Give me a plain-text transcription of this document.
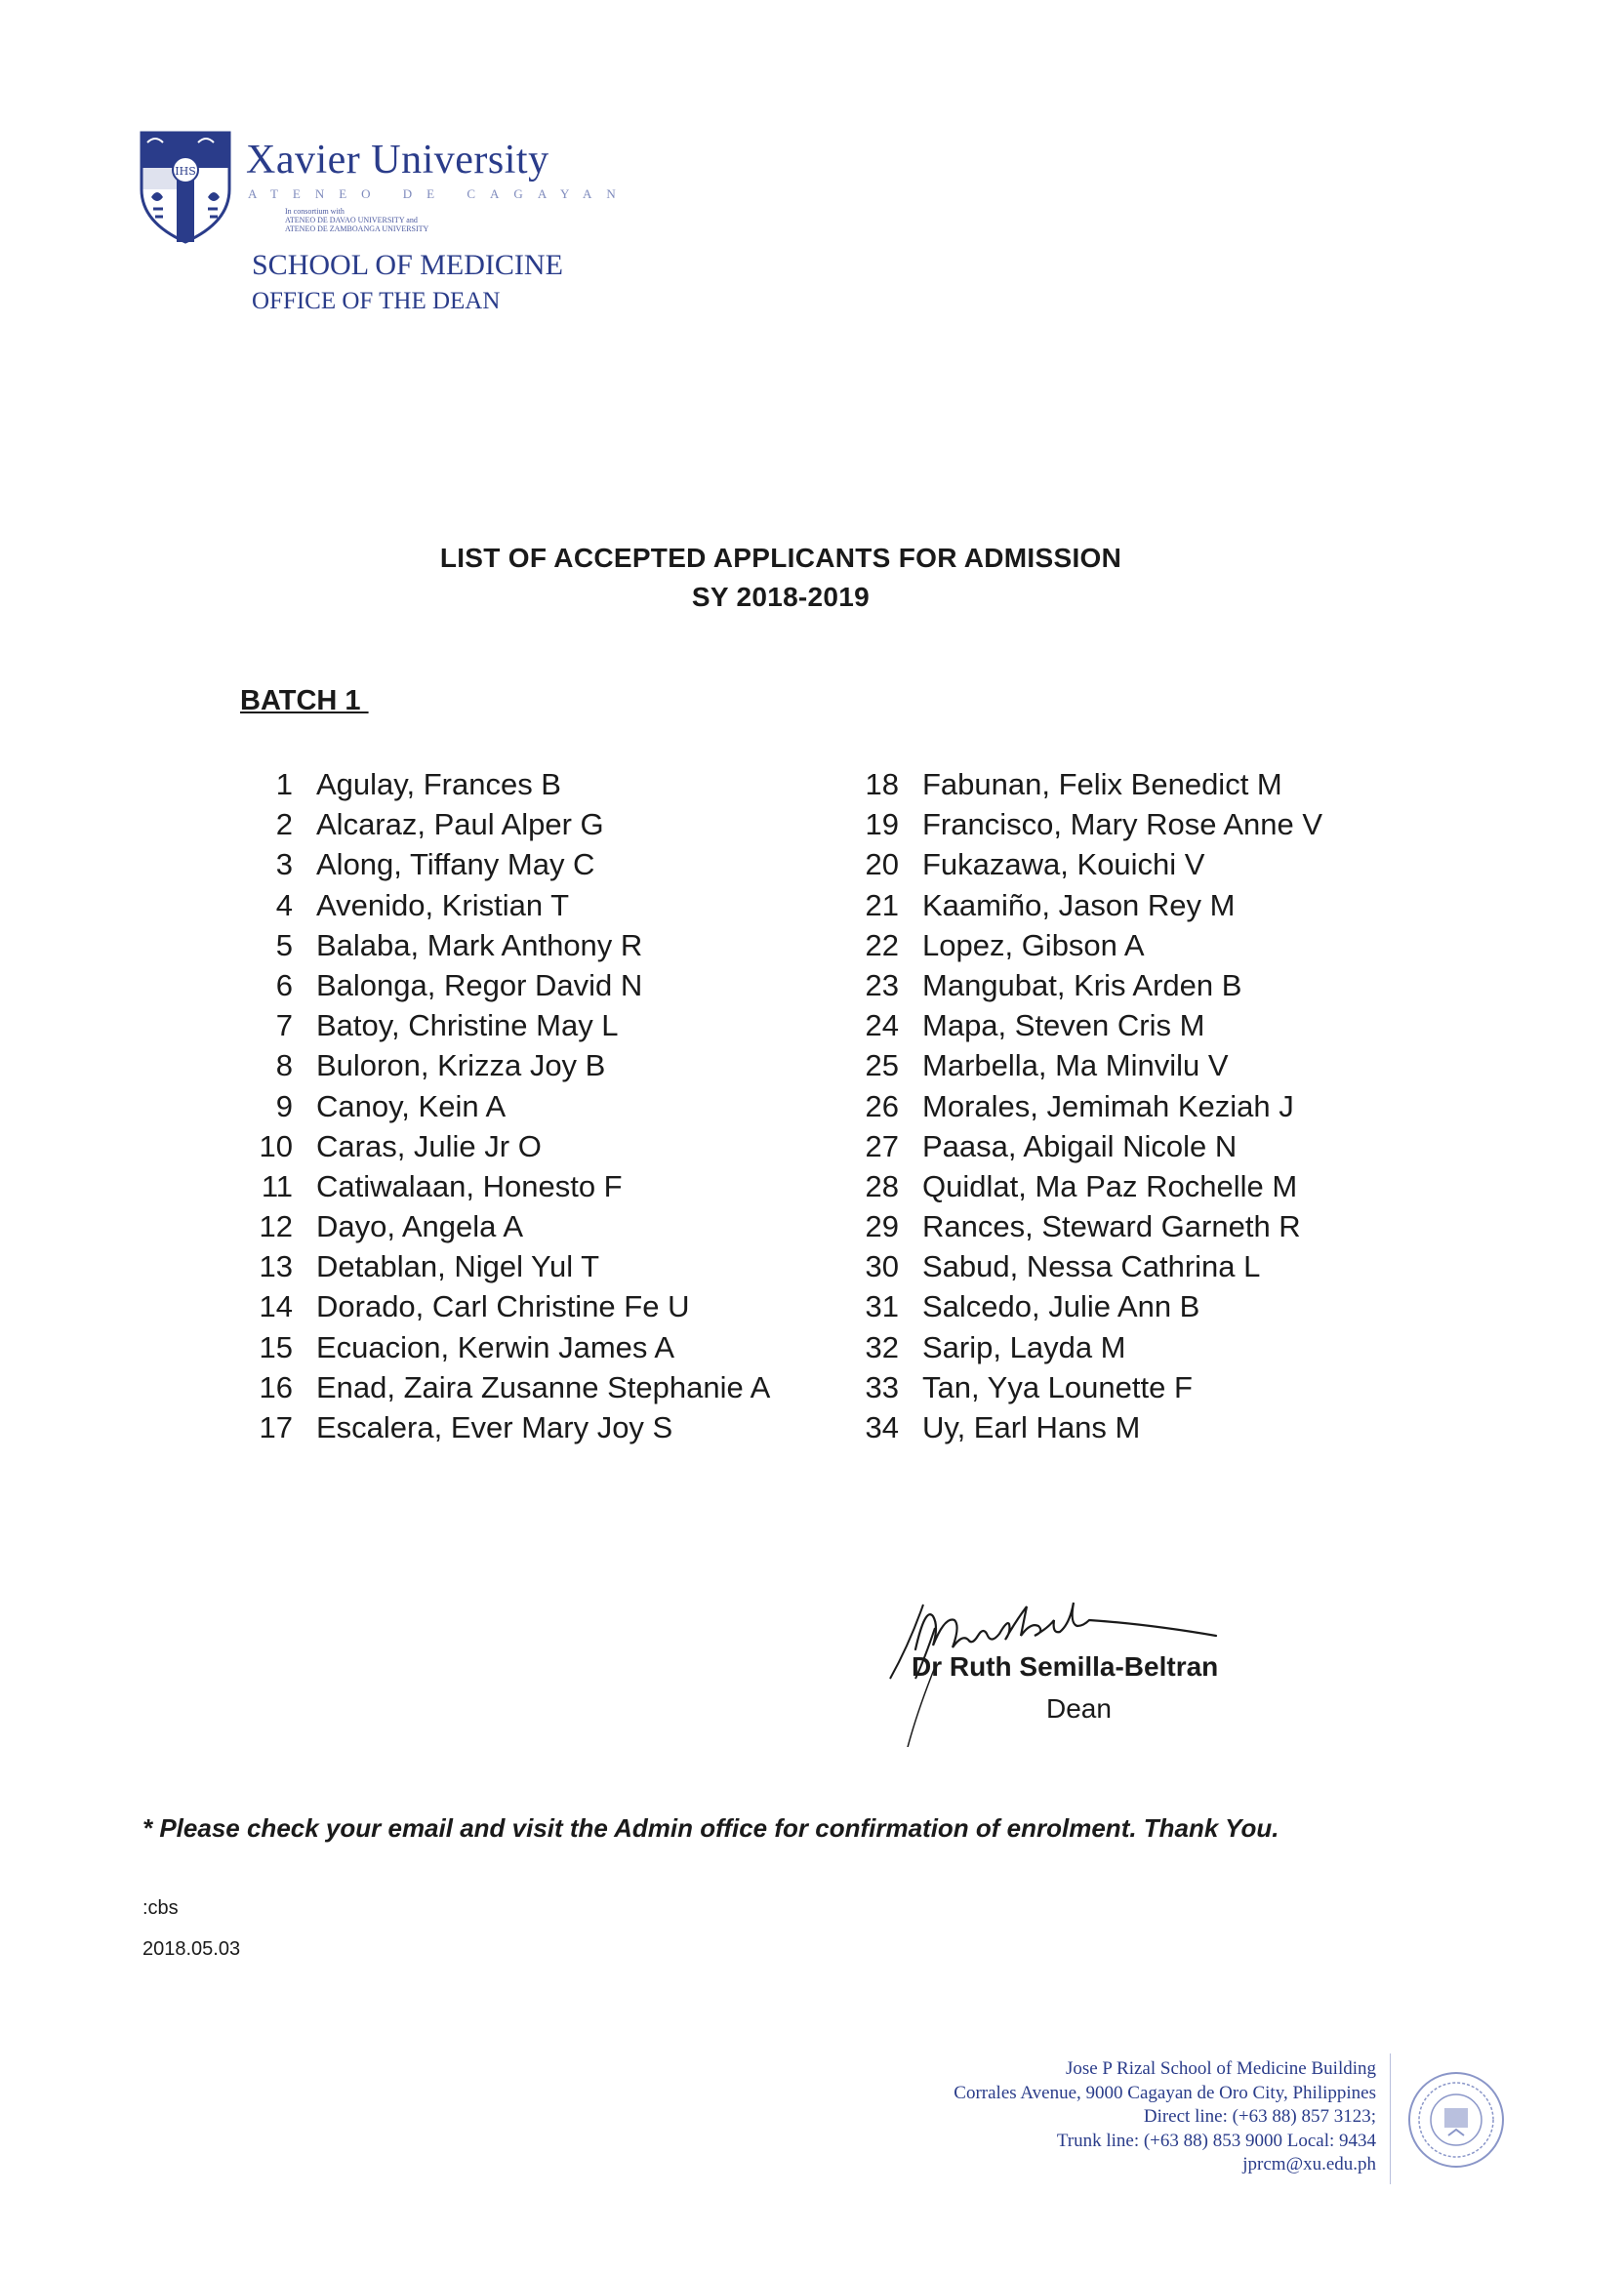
IHS Xavier University
ATENEO DE CAGAYAN
In consortium with
ATENEO DE DAVAO UNIVERSITY and
ATENEO DE ZAMBOANGA UNIVERSITY
SCHOOL OF MEDICINE
OFFICE OF THE DEAN
LIST OF ACCEPTED APPLICANTS FOR ADMISSION
SY 2018-2019
BATCH 1
1 Agulay, Frances B
2 Alcaraz, Paul Alper G
3 Along, Tiffany May C
4 Avenido, Kristian T
5 Balaba, Mark Anthony R
6 Balonga, Regor David N
7 Batoy, Christine May L
8 Buloron, Krizza Joy B
9 Canoy, Kein A
10 Caras, Julie Jr O
11 Catiwalaan, Honesto F
12 Dayo, Angela A
13 Detablan, Nigel Yul T
14 Dorado, Carl Christine Fe U
15 Ecuacion, Kerwin James A
16 Enad, Zaira Zusanne Stephanie A
17 Escalera, Ever Mary Joy S
18 Fabunan, Felix Benedict M
19 Francisco, Mary Rose Anne V
20 Fukazawa, Kouichi V
21 Kaamiño, Jason Rey M
22 Lopez, Gibson A
23 Mangubat, Kris Arden B
24 Mapa, Steven Cris M
25 Marbella, Ma Minvilu V
26 Morales, Jemimah Keziah J
27 Paasa, Abigail Nicole N
28 Quidlat, Ma Paz Rochelle M
29 Rances, Steward Garneth R
30 Sabud, Nessa Cathrina L
31 Salcedo, Julie Ann B
32 Sarip, Layda M
33 Tan, Yya Lounette F
34 Uy, Earl Hans M
Dr Ruth Semilla-Beltran
Dean
* Please check your email and visit the Admin office for confirmation of enrolment. Thank You.
:cbs
2018.05.03
Jose P Rizal School of Medicine Building
Corrales Avenue, 9000 Cagayan de Oro City, Philippines
Direct line: (+63 88) 857 3123;
Trunk line: (+63 88) 853 9000 Local: 9434
jprcm@xu.edu.ph
